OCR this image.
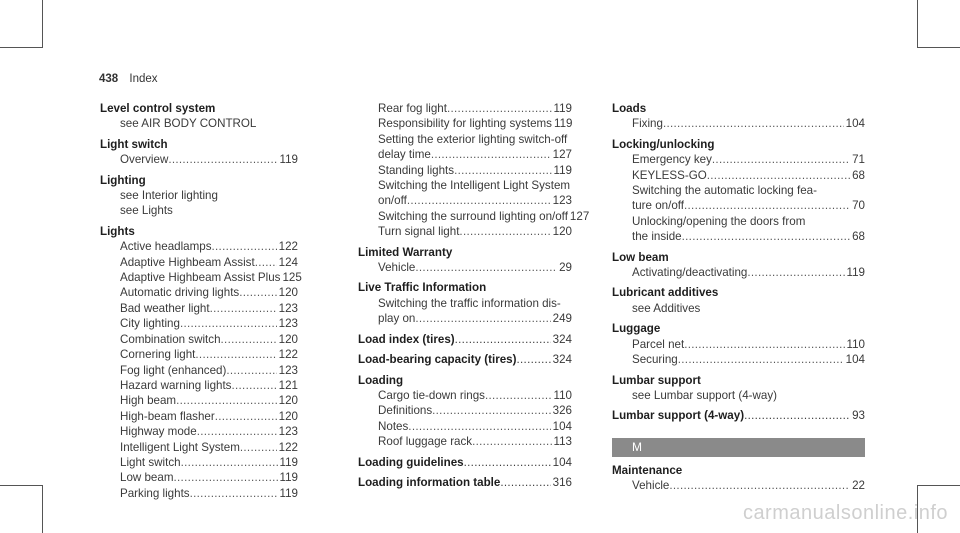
438 Index
Level control system
see AIR BODY CONTROL
Light switch
Overview .....	119
Lighting
see Interior lighting
see Lights
Lights
Active headlamps .....	122
Adaptive Highbeam Assist ..... 124
Adaptive Highbeam Assist Plus 125
Automatic driving lights .....	120
Bad weather light .....	123
City lighting .....	123
Combination switch .....	120
Cornering light .....	122
Fog light (enhanced) .....	123
Hazard warning lights .....	121
High beam .....	120
High-beam flasher .....	120
Highway mode .....	123
Intelligent Light System .....	122
Light switch .....	119
Low beam .....	119
Parking lights .....	119
Rear fog light .....	119
Responsibility for lighting systems 119
Setting the exterior lighting switch-off
delay time .....	127
Standing lights .....	119
Switching the Intelligent Light System
on/off .....	123
Switching the surround lighting on/off 127
Turn signal light .....	120
Limited Warranty
Vehicle .....	29
Live Traffic Information
Switching the traffic information dis-
play on .....	249
Load index (tires) .....	324
Load-bearing capacity (tires) .....	324
Loading
Cargo tie-down rings .....	110
Definitions .....	326
Notes .....	104
Roof luggage rack .....	113
Loading guidelines .....	104
Loading information table .....	316
Loads
Fixing .....	104
Locking/unlocking
Emergency key .....	71
KEYLESS-GO .....	68
Switching the automatic locking fea-
ture on/off .....	70
Unlocking/opening the doors from
the inside .....	68
Low beam
Activating/deactivating .....	119
Lubricant additives
see Additives
Luggage
Parcel net .....	110
Securing .....	104
Lumbar support
see Lumbar support (4-way)
Lumbar support (4-way) .....	93
M
Maintenance
Vehicle .....	22
carmanualsonline.info
